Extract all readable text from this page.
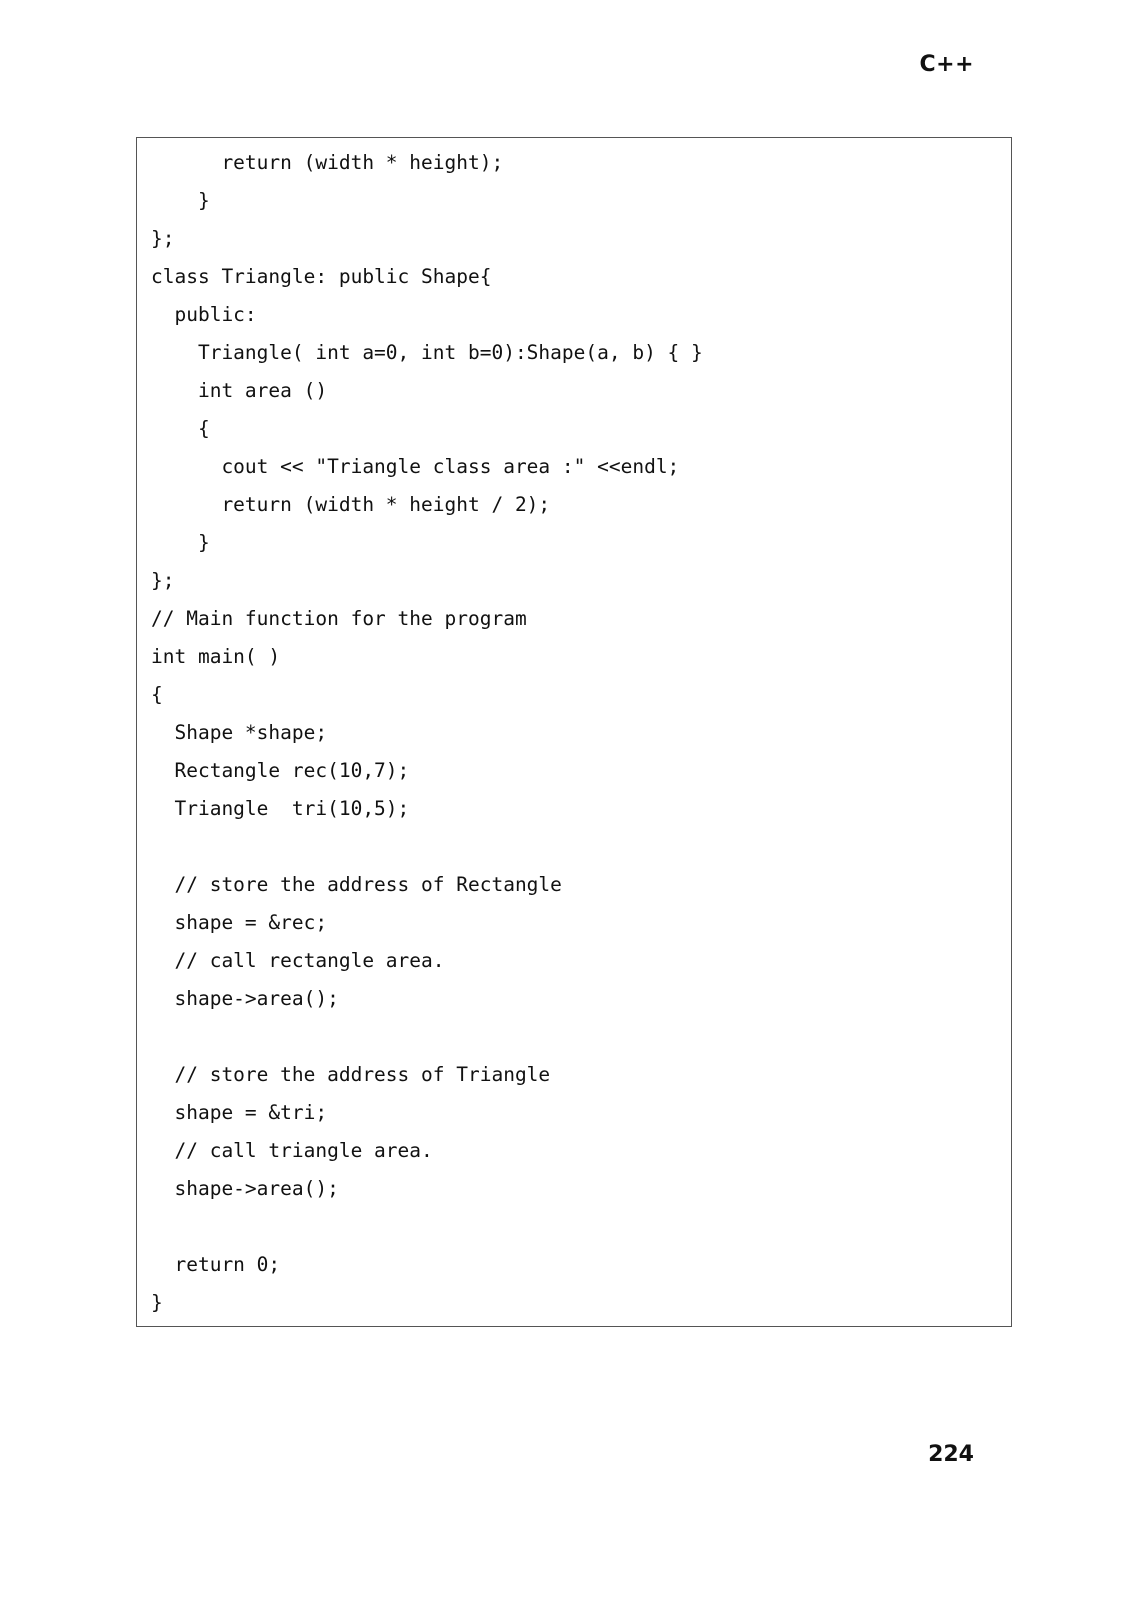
C++
return (width * height);
}
};
class Triangle: public Shape{
public:
Triangle( int a=0, int b=0):Shape(a, b) { }
int area ()
{
cout << "Triangle class area :" <<endl;
return (width * height / 2);
}
};
// Main function for the program
int main( )
{
Shape *shape;
Rectangle rec(10,7);
Triangle  tri(10,5);
// store the address of Rectangle
shape = &rec;
// call rectangle area.
shape->area();
// store the address of Triangle
shape = &tri;
// call triangle area.
shape->area();
return 0;
}
224
